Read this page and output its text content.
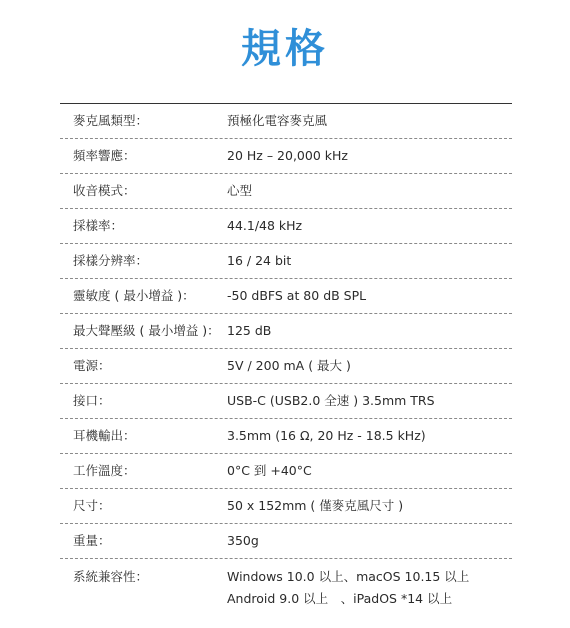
規格
麥克風類型：	預極化電容麥克風
頻率響應：	20 Hz – 20,000 kHz
收音模式：	心型
採樣率：	44.1/48 kHz
採樣分辨率：	16 / 24 bit
靈敏度 ( 最小增益 )：	-50 dBFS at 80 dB SPL
最大聲壓級 ( 最小增益 )： 125 dB
電源：	5V / 200 mA ( 最大 )
接口：	USB-C (USB2.0 全速 ) 3.5mm TRS
耳機輸出：	3.5mm (16 Ω, 20 Hz - 18.5 kHz)
工作溫度：	0°C 到 +40°C
尺寸：	50 x 152mm ( 僅麥克風尺寸 )
重量：	350g
系統兼容性：	Windows 10.0 以上、macOS 10.15 以上
Android 9.0 以上　、iPadOS *14 以上
